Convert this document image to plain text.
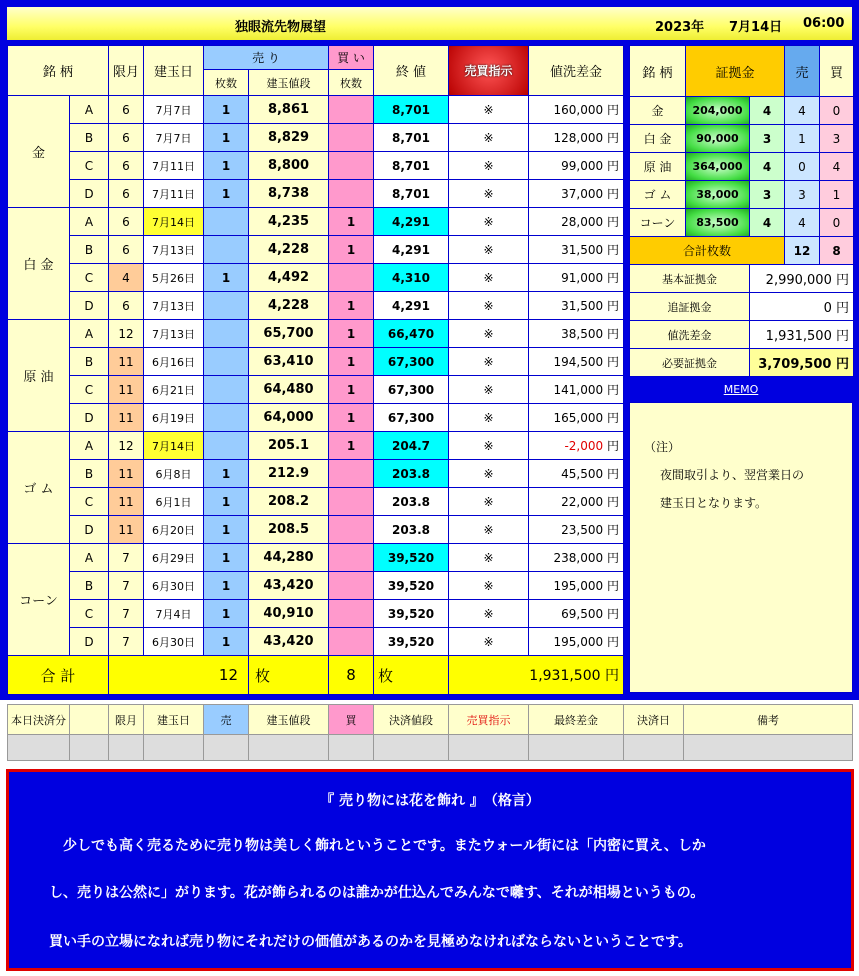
独眼流先物展望	2023年 7月14日 06:00
銘 柄		限月	建玉日	売 り		買 い	終 値	売買指示	値洗差金
				枚数	建玉値段	枚数			
金	A	6	7月7日	1	8,861		8,701	※	160,000 円
	B	6	7月7日	1	8,829		8,701	※	128,000 円
	C	6	7月11日	1	8,800		8,701	※	99,000 円
	D	6	7月11日	1	8,738		8,701	※	37,000 円
白 金	A	6	7月14日		4,235	1	4,291	※	28,000 円
	B	6	7月13日		4,228	1	4,291	※	31,500 円
	C	4	5月26日	1	4,492		4,310	※	91,000 円
	D	6	7月13日		4,228	1	4,291	※	31,500 円
原 油	A	12	7月13日		65,700	1	66,470	※	38,500 円
	B	11	6月16日		63,410	1	67,300	※	194,500 円
	C	11	6月21日		64,480	1	67,300	※	141,000 円
	D	11	6月19日		64,000	1	67,300	※	165,000 円
ゴ ム	A	12	7月14日		205.1	1	204.7	※	-2,000 円
	B	11	6月8日	1	212.9		203.8	※	45,500 円
	C	11	6月1日	1	208.2		203.8	※	22,000 円
	D	11	6月20日	1	208.5		203.8	※	23,500 円
コーン	A	7	6月29日	1	44,280		39,520	※	238,000 円
	B	7	6月30日	1	43,420		39,520	※	195,000 円
	C	7	7月4日	1	40,910		39,520	※	69,500 円
	D	7	6月30日	1	43,420		39,520	※	195,000 円
合 計		12			枚	8	枚	1,931,500 円	
銘 柄	証拠金		売	買
金	204,000	4	4	0
白 金	90,000	3	1	3
原 油	364,000	4	0	4
ゴ ム	38,000	3	3	1
コーン	83,500	4	4	0
合計枚数			12	8
基本証拠金		2,990,000 円		
追証拠金		0 円		
値洗差金		1,931,500 円		
必要証拠金		3,709,500 円		
MEMO

（注）

夜間取引より、翌営業日の

建玉日となります。

本日決済分		限月	建玉日	売	建玉値段	買	決済値段	売買指示	最終差金	決済日	備考

『 売り物には花を飾れ 』　（格言）
少しでも高く売るために売り物は美しく飾れということです。またウォール街には「内密に買え、しか
し、売りは公然に」がります。花が飾られるのは誰かが仕込んでみんなで囃す、それが相場というもの。
買い手の立場になれば売り物にそれだけの価値があるのかを見極めなければならないということです。
